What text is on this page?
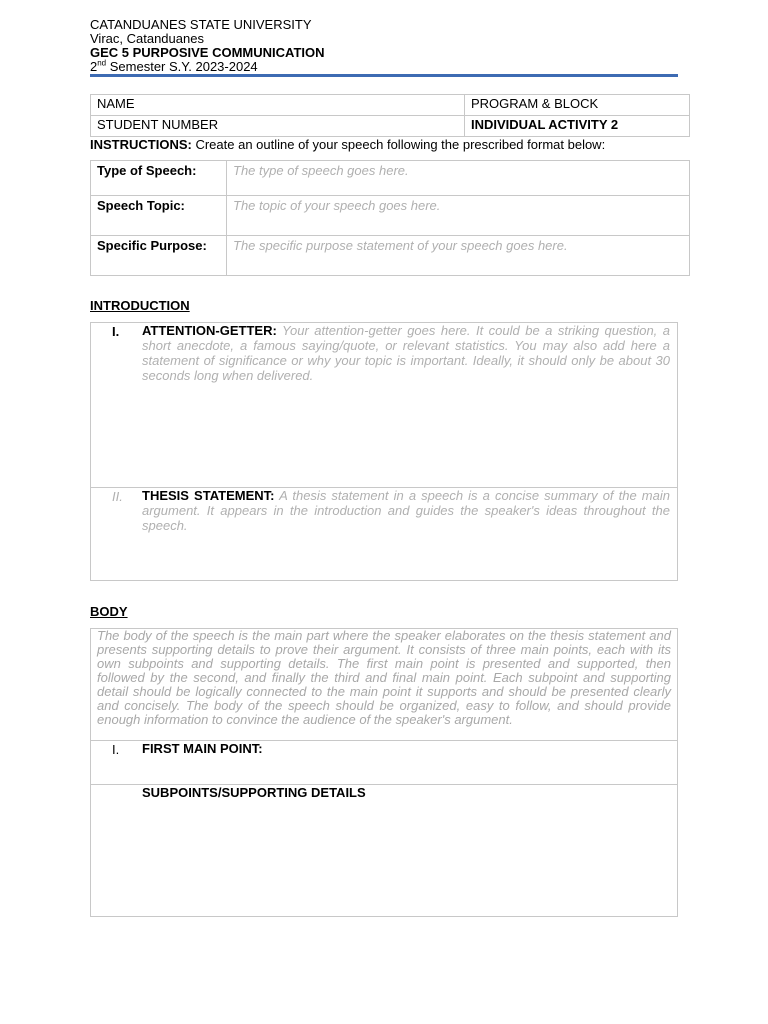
CATANDUANES STATE UNIVERSITY
Virac, Catanduanes
GEC 5 PURPOSIVE COMMUNICATION
2nd Semester S.Y. 2023-2024
NAME	PROGRAM & BLOCK
STUDENT NUMBER	INDIVIDUAL ACTIVITY 2
INSTRUCTIONS: Create an outline of your speech following the prescribed format below:
Type of Speech:	The type of speech goes here.
Speech Topic:	The topic of your speech goes here.
Specific Purpose:	The specific purpose statement of your speech goes here.
INTRODUCTION
I. ATTENTION-GETTER: Your attention-getter goes here. It could be a striking question, a short anecdote, a famous saying/quote, or relevant statistics. You may also add here a statement of significance or why your topic is important. Ideally, it should only be about 30 seconds long when delivered.
II. THESIS STATEMENT: A thesis statement in a speech is a concise summary of the main argument. It appears in the introduction and guides the speaker's ideas throughout the speech.
BODY
The body of the speech is the main part where the speaker elaborates on the thesis statement and presents supporting details to prove their argument. It consists of three main points, each with its own subpoints and supporting details. The first main point is presented and supported, then followed by the second, and finally the third and final main point. Each subpoint and supporting detail should be logically connected to the main point it supports and should be presented clearly and concisely. The body of the speech should be organized, easy to follow, and should provide enough information to convince the audience of the speaker's argument.
I. FIRST MAIN POINT:
SUBPOINTS/SUPPORTING DETAILS
